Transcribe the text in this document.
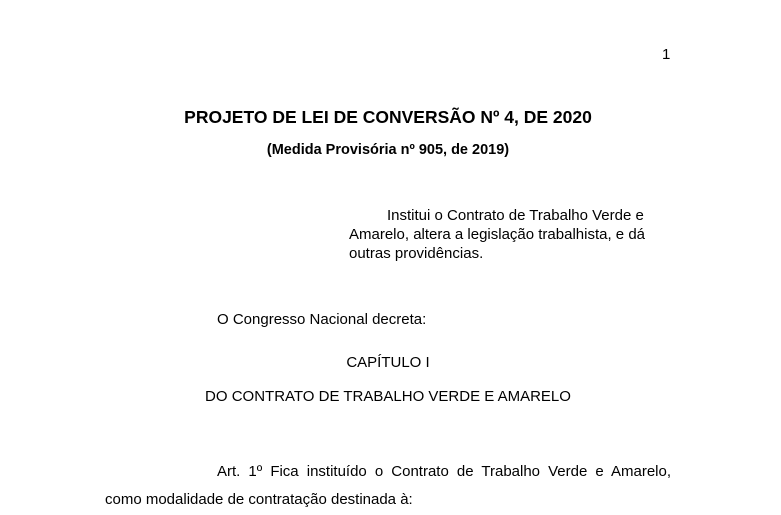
1
PROJETO DE LEI DE CONVERSÃO Nº 4, DE 2020
(Medida Provisória nº 905, de 2019)
Institui o Contrato de Trabalho Verde e Amarelo, altera a legislação trabalhista, e dá outras providências.
O Congresso Nacional decreta:
CAPÍTULO I
DO CONTRATO DE TRABALHO VERDE E AMARELO
Art. 1º Fica instituído o Contrato de Trabalho Verde e Amarelo, como modalidade de contratação destinada à:
